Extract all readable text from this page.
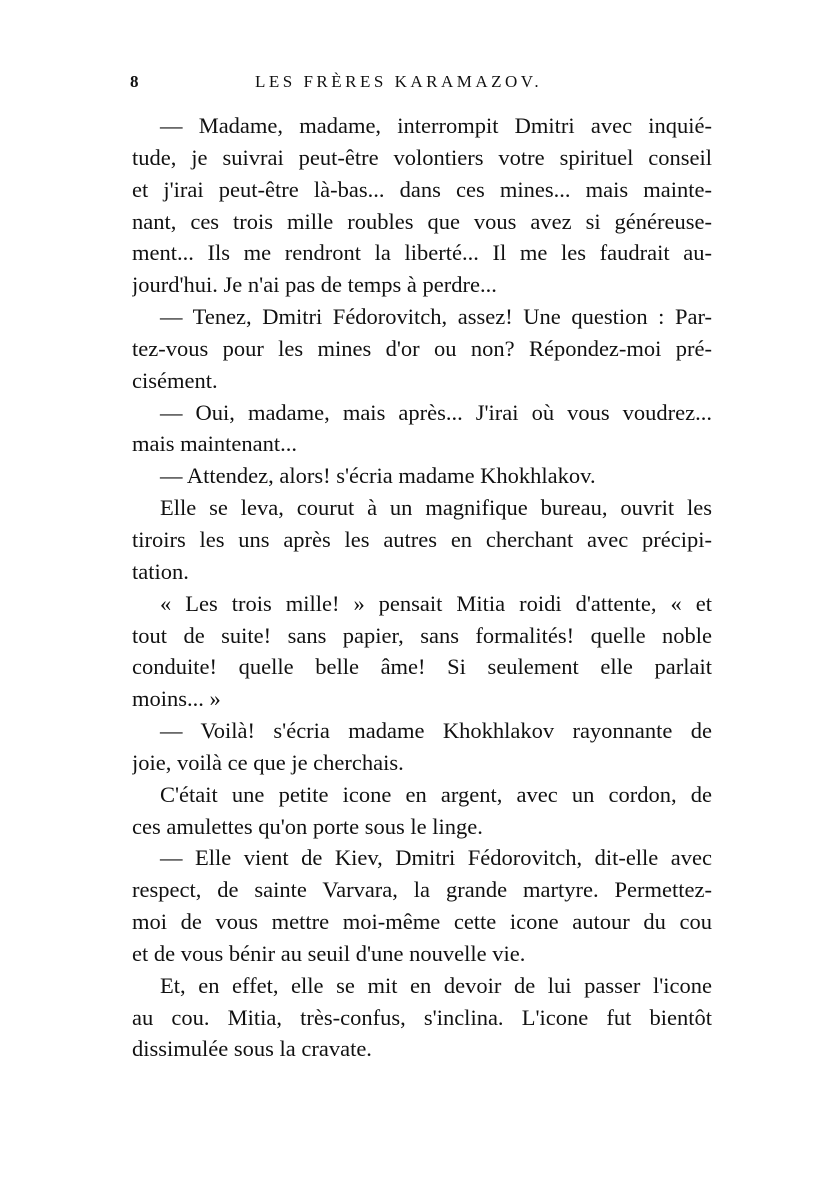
8	LES FRÈRES KARAMAZOV.
— Madame, madame, interrompit Dmitri avec inquié-
tude, je suivrai peut-être volontiers votre spirituel conseil
et j'irai peut-être là-bas... dans ces mines... mais mainte-
nant, ces trois mille roubles que vous avez si généreuse-
ment... Ils me rendront la liberté... Il me les faudrait au-
jourd'hui. Je n'ai pas de temps à perdre...
— Tenez, Dmitri Fédorovitch, assez! Une question : Par-
tez-vous pour les mines d'or ou non? Répondez-moi pré-
cisément.
— Oui, madame, mais après... J'irai où vous voudrez...
mais maintenant...
— Attendez, alors! s'écria madame Khokhlakov.
Elle se leva, courut à un magnifique bureau, ouvrit les
tiroirs les uns après les autres en cherchant avec précipi-
tation.
« Les trois mille! » pensait Mitia roidi d'attente, « et
tout de suite! sans papier, sans formalités! quelle noble
conduite! quelle belle âme! Si seulement elle parlait
moins... »
— Voilà! s'écria madame Khokhlakov rayonnante de
joie, voilà ce que je cherchais.
C'était une petite icone en argent, avec un cordon, de
ces amulettes qu'on porte sous le linge.
— Elle vient de Kiev, Dmitri Fédorovitch, dit-elle avec
respect, de sainte Varvara, la grande martyre. Permettez-
moi de vous mettre moi-même cette icone autour du cou
et de vous bénir au seuil d'une nouvelle vie.
Et, en effet, elle se mit en devoir de lui passer l'icone
au cou. Mitia, très-confus, s'inclina. L'icone fut bientôt
dissimulée sous la cravate.
